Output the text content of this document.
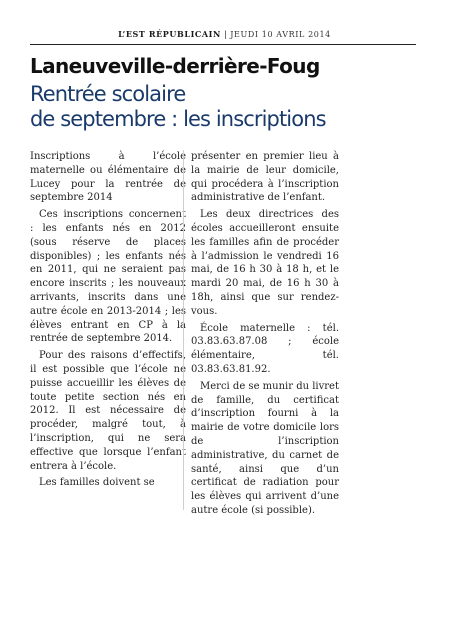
L’EST RÉPUBLICAIN | JEUDI 10 AVRIL 2014
Laneuveville-derrière-Foug
Rentrée scolaire
de septembre : les inscriptions

Inscriptions à l’école maternelle ou élémentaire de Lucey pour la rentrée de septembre 2014

Ces inscriptions concernent : les enfants nés en 2012 (sous réserve de places disponibles) ; les enfants nés en 2011, qui ne seraient pas encore inscrits ; les nouveaux arrivants, inscrits dans une autre école en 2013-2014 ; les élèves entrant en CP à la rentrée de septembre 2014.

Pour des raisons d’effectifs, il est possible que l’école ne puisse accueillir les élèves de toute petite section nés en 2012. Il est nécessaire de procéder, malgré tout, à l’inscription, qui ne sera effective que lorsque l’enfant entrera à l’école.

Les familles doivent se

présenter en premier lieu à la mairie de leur domicile, qui procédera à l’inscription administrative de l’enfant.

Les deux directrices des écoles accueilleront ensuite les familles afin de procéder à l’admission le vendredi 16 mai, de 16 h 30 à 18 h, et le mardi 20 mai, de 16 h 30 à 18h, ainsi que sur rendez-vous.

École maternelle : tél. 03.83.63.87.08 ; école élémentaire, tél. 03.83.63.81.92.

Merci de se munir du livret de famille, du certificat d’inscription fourni à la mairie de votre domicile lors de l’inscription administrative, du carnet de santé, ainsi que d’un certificat de radiation pour les élèves qui arrivent d’une autre école (si possible).
